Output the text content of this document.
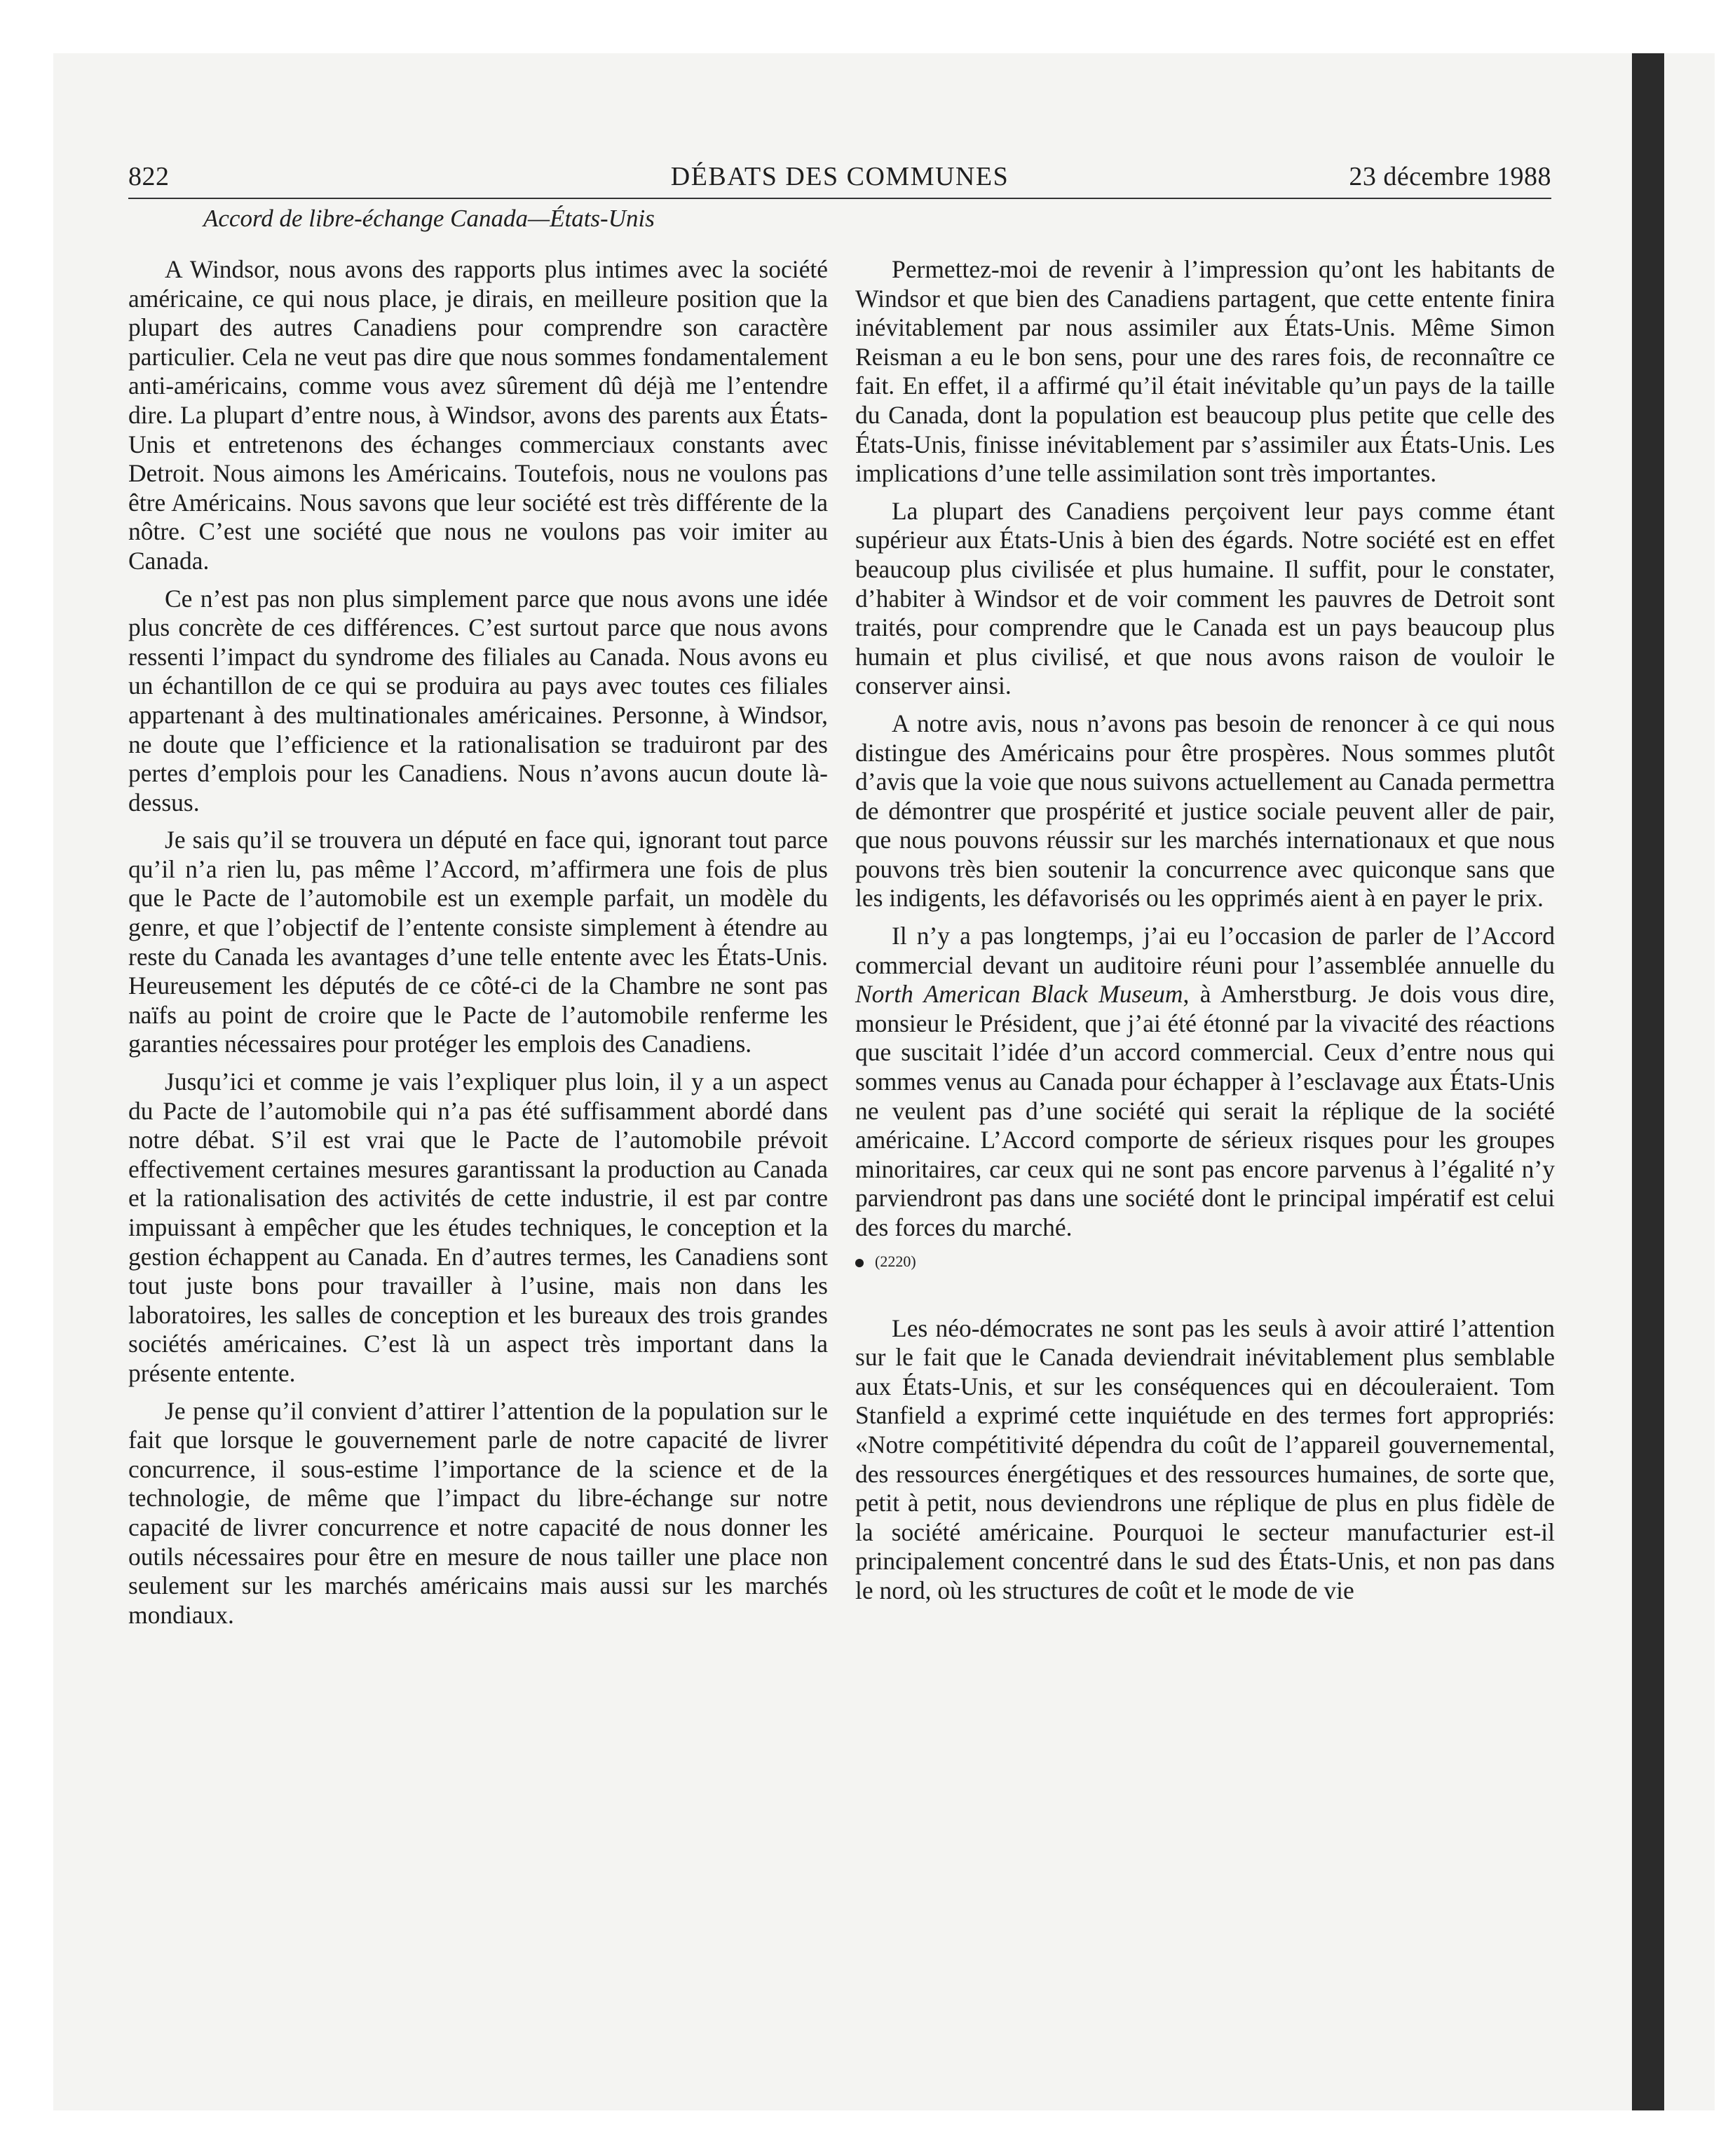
822	DÉBATS DES COMMUNES	23 décembre 1988
Accord de libre-échange Canada—États-Unis

A Windsor, nous avons des rapports plus intimes avec la société américaine, ce qui nous place, je dirais, en meilleure position que la plupart des autres Canadiens pour comprendre son caractère particulier. Cela ne veut pas dire que nous sommes fondamentalement anti-américains, comme vous avez sûrement dû déjà me l’entendre dire. La plupart d’entre nous, à Windsor, avons des parents aux États-Unis et entretenons des échanges commerciaux constants avec Detroit. Nous aimons les Américains. Toutefois, nous ne voulons pas être Américains. Nous savons que leur société est très différente de la nôtre. C’est une société que nous ne voulons pas voir imiter au Canada.

Ce n’est pas non plus simplement parce que nous avons une idée plus concrète de ces différences. C’est surtout parce que nous avons ressenti l’impact du syndrome des filiales au Canada. Nous avons eu un échantillon de ce qui se produira au pays avec toutes ces filiales appartenant à des multinationales américaines. Personne, à Windsor, ne doute que l’efficience et la rationalisation se traduiront par des pertes d’emplois pour les Canadiens. Nous n’avons aucun doute là-dessus.

Je sais qu’il se trouvera un député en face qui, ignorant tout parce qu’il n’a rien lu, pas même l’Accord, m’affirmera une fois de plus que le Pacte de l’automobile est un exemple parfait, un modèle du genre, et que l’objectif de l’entente consiste simplement à étendre au reste du Canada les avantages d’une telle entente avec les États-Unis. Heureusement les députés de ce côté-ci de la Chambre ne sont pas naïfs au point de croire que le Pacte de l’automobile renferme les garanties nécessaires pour protéger les emplois des Canadiens.

Jusqu’ici et comme je vais l’expliquer plus loin, il y a un aspect du Pacte de l’automobile qui n’a pas été suffisamment abordé dans notre débat. S’il est vrai que le Pacte de l’automobile prévoit effectivement certaines mesures garantissant la production au Canada et la rationalisation des activités de cette industrie, il est par contre impuissant à empêcher que les études techniques, le conception et la gestion échappent au Canada. En d’autres termes, les Canadiens sont tout juste bons pour travailler à l’usine, mais non dans les laboratoires, les salles de conception et les bureaux des trois grandes sociétés américaines. C’est là un aspect très important dans la présente entente.

Je pense qu’il convient d’attirer l’attention de la population sur le fait que lorsque le gouvernement parle de notre capacité de livrer concurrence, il sous-estime l’importance de la science et de la technologie, de même que l’impact du libre-échange sur notre capacité de livrer concurrence et notre capacité de nous donner les outils nécessaires pour être en mesure de nous tailler une place non seulement sur les marchés américains mais aussi sur les marchés mondiaux.

Permettez-moi de revenir à l’impression qu’ont les habitants de Windsor et que bien des Canadiens partagent, que cette entente finira inévitablement par nous assimiler aux États-Unis. Même Simon Reisman a eu le bon sens, pour une des rares fois, de reconnaître ce fait. En effet, il a affirmé qu’il était inévitable qu’un pays de la taille du Canada, dont la population est beaucoup plus petite que celle des États-Unis, finisse inévitablement par s’assimiler aux États-Unis. Les implications d’une telle assimilation sont très importantes.

La plupart des Canadiens perçoivent leur pays comme étant supérieur aux États-Unis à bien des égards. Notre société est en effet beaucoup plus civilisée et plus humaine. Il suffit, pour le constater, d’habiter à Windsor et de voir comment les pauvres de Detroit sont traités, pour comprendre que le Canada est un pays beaucoup plus humain et plus civilisé, et que nous avons raison de vouloir le conserver ainsi.

A notre avis, nous n’avons pas besoin de renoncer à ce qui nous distingue des Américains pour être prospères. Nous sommes plutôt d’avis que la voie que nous suivons actuellement au Canada permettra de démontrer que prospérité et justice sociale peuvent aller de pair, que nous pouvons réussir sur les marchés internationaux et que nous pouvons très bien soutenir la concurrence avec quiconque sans que les indigents, les défavorisés ou les opprimés aient à en payer le prix.

Il n’y a pas longtemps, j’ai eu l’occasion de parler de l’Accord commercial devant un auditoire réuni pour l’assemblée annuelle du North American Black Museum, à Amherstburg. Je dois vous dire, monsieur le Président, que j’ai été étonné par la vivacité des réactions que suscitait l’idée d’un accord commercial. Ceux d’entre nous qui sommes venus au Canada pour échapper à l’esclavage aux États-Unis ne veulent pas d’une société qui serait la réplique de la société américaine. L’Accord comporte de sérieux risques pour les groupes minoritaires, car ceux qui ne sont pas encore parvenus à l’égalité n’y parviendront pas dans une société dont le principal impératif est celui des forces du marché.

(2220)

Les néo-démocrates ne sont pas les seuls à avoir attiré l’attention sur le fait que le Canada deviendrait inévitablement plus semblable aux États-Unis, et sur les conséquences qui en découleraient. Tom Stanfield a exprimé cette inquiétude en des termes fort appropriés: «Notre compétitivité dépendra du coût de l’appareil gouvernemental, des ressources énergétiques et des ressources humaines, de sorte que, petit à petit, nous deviendrons une réplique de plus en plus fidèle de la société américaine. Pourquoi le secteur manufacturier est-il principalement concentré dans le sud des États-Unis, et non pas dans le nord, où les structures de coût et le mode de vie
